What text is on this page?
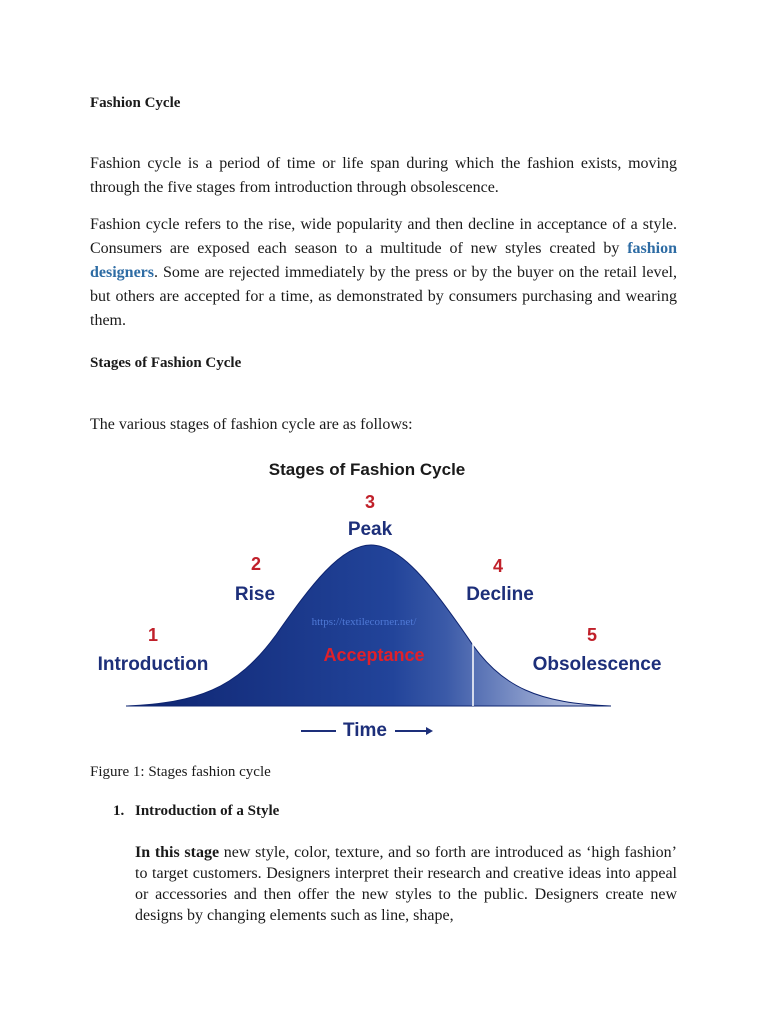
Fashion Cycle

Fashion cycle is a period of time or life span during which the fashion exists, moving through the five stages from introduction through obsolescence.

Fashion cycle refers to the rise, wide popularity and then decline in acceptance of a style. Consumers are exposed each season to a multitude of new styles created by fashion designers. Some are rejected immediately by the press or by the buyer on the retail level, but others are accepted for a time, as demonstrated by consumers purchasing and wearing them.

Stages of Fashion Cycle

The various stages of fashion cycle are as follows:

Stages of Fashion Cycle
3
Peak
2
Rise
4
Decline
1
Introduction
5
Obsolescence
https://textilecorner.net/
Acceptance
Time
Figure 1: Stages fashion cycle
1. Introduction of a Style

In this stage new style, color, texture, and so forth are introduced as ‘high fashion’ to target customers. Designers interpret their research and creative ideas into appeal or accessories and then offer the new styles to the public. Designers create new designs by changing elements such as line, shape,
